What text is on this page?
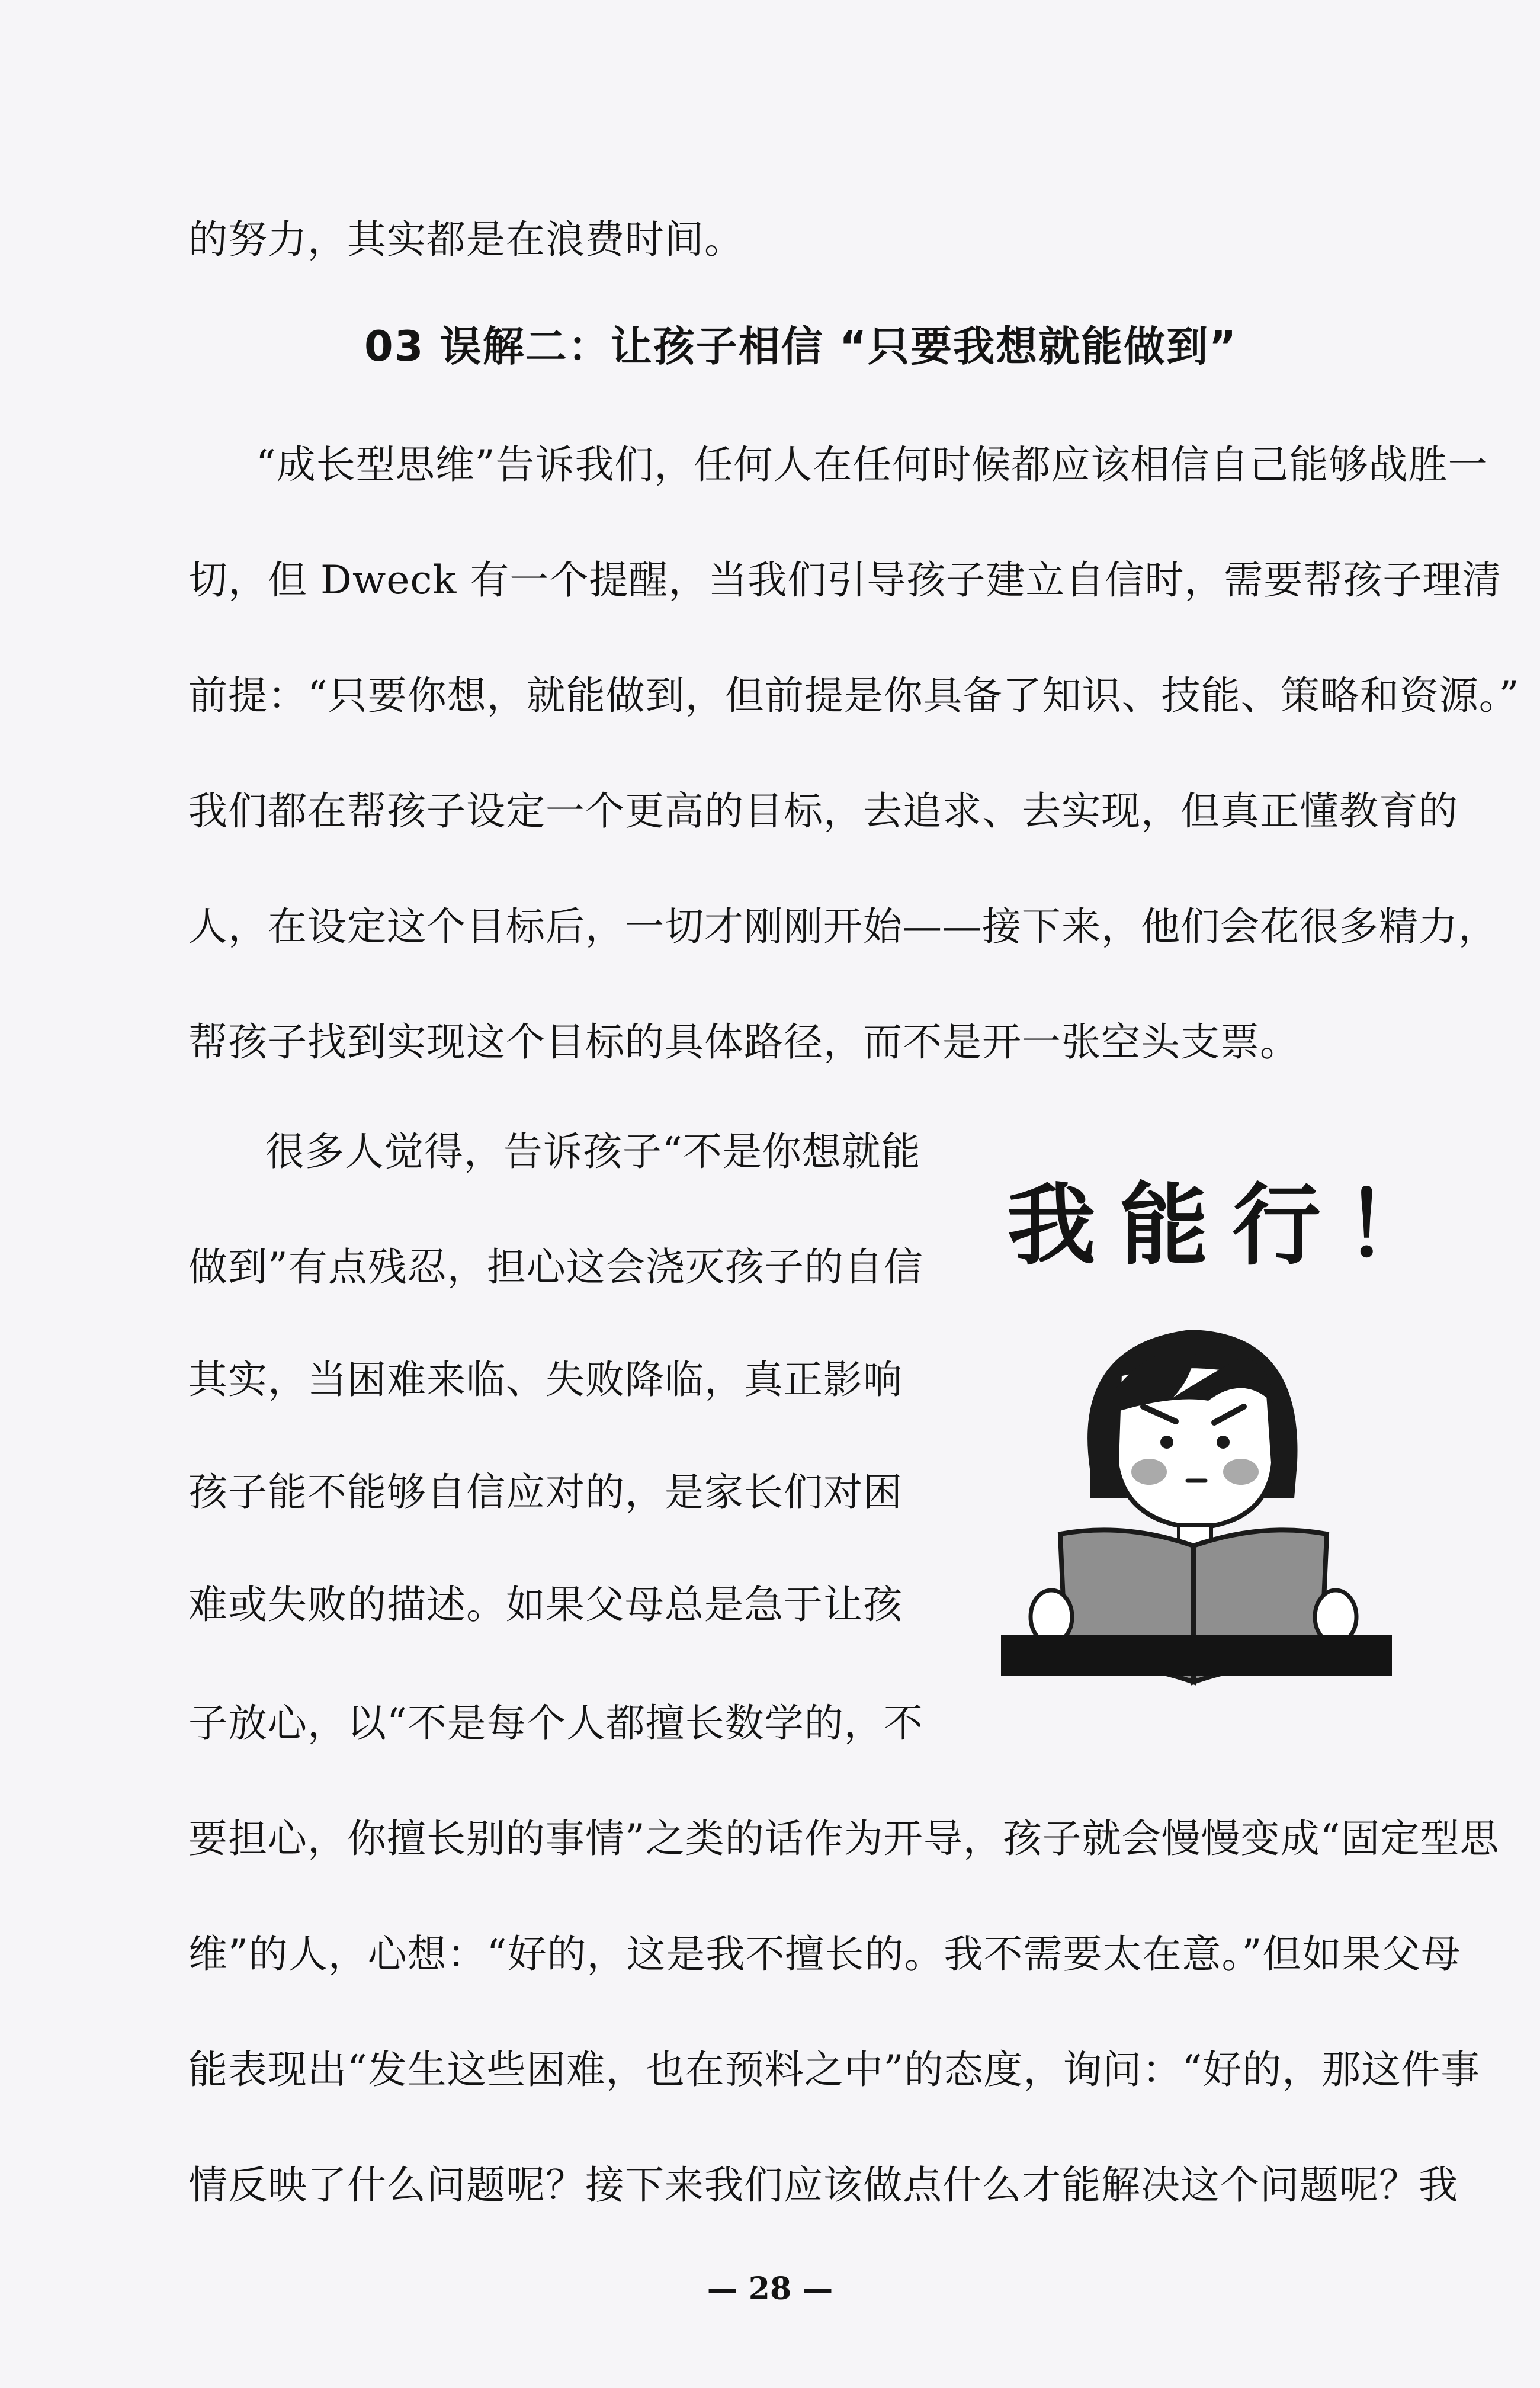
的努力，其实都是在浪费时间。
03 误解二：让孩子相信 “只要我想就能做到”
“成长型思维”告诉我们，任何人在任何时候都应该相信自己能够战胜一
切，但 Dweck 有一个提醒，当我们引导孩子建立自信时，需要帮孩子理清
前提：“只要你想，就能做到，但前提是你具备了知识、技能、策略和资源。”
我们都在帮孩子设定一个更高的目标，去追求、去实现，但真正懂教育的
人，在设定这个目标后，一切才刚刚开始——接下来，他们会花很多精力，
帮孩子找到实现这个目标的具体路径，而不是开一张空头支票。
很多人觉得，告诉孩子“不是你想就能
做到”有点残忍，担心这会浇灭孩子的自信
其实，当困难来临、失败降临，真正影响
孩子能不能够自信应对的，是家长们对困
难或失败的描述。如果父母总是急于让孩
子放心，以“不是每个人都擅长数学的，不
要担心，你擅长别的事情”之类的话作为开导，孩子就会慢慢变成“固定型思
维”的人，心想：“好的，这是我不擅长的。我不需要太在意。”但如果父母
能表现出“发生这些困难，也在预料之中”的态度，询问：“好的，那这件事
情反映了什么问题呢？接下来我们应该做点什么才能解决这个问题呢？我
我能行！
— 28 —
